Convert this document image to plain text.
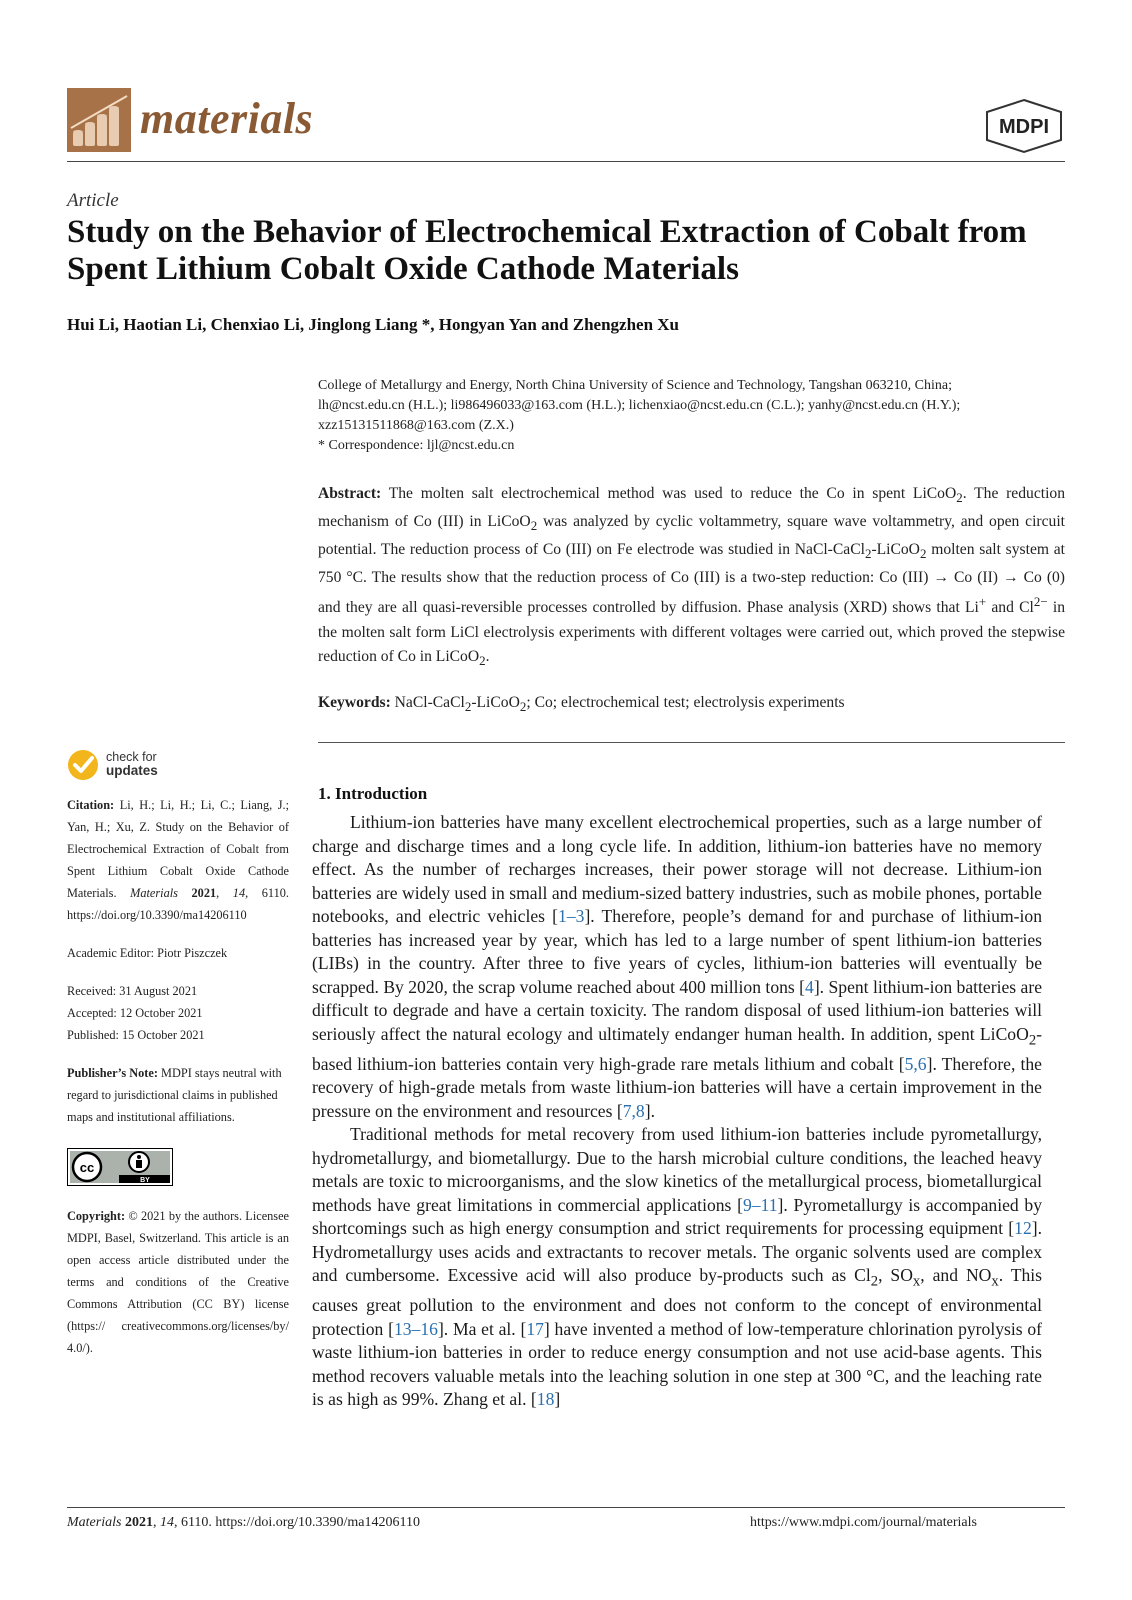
materials	MDPI
Article
Study on the Behavior of Electrochemical Extraction of Cobalt from Spent Lithium Cobalt Oxide Cathode Materials
Hui Li, Haotian Li, Chenxiao Li, Jinglong Liang *, Hongyan Yan and Zhengzhen Xu
College of Metallurgy and Energy, North China University of Science and Technology, Tangshan 063210, China;
lh@ncst.edu.cn (H.L.); li986496033@163.com (H.L.); lichenxiao@ncst.edu.cn (C.L.); yanhy@ncst.edu.cn (H.Y.);
xzz15131511868@163.com (Z.X.)
* Correspondence: ljl@ncst.edu.cn
Abstract: The molten salt electrochemical method was used to reduce the Co in spent LiCoO$_2$. The reduction mechanism of Co (III) in LiCoO$_2$ was analyzed by cyclic voltammetry, square wave voltammetry, and open circuit potential. The reduction process of Co (III) on Fe electrode was studied in NaCl-CaCl$_2$-LiCoO$_2$ molten salt system at 750 °C. The results show that the reduction process of Co (III) is a two-step reduction: Co (III) → Co (II) → Co (0) and they are all quasi-reversible processes controlled by diffusion. Phase analysis (XRD) shows that Li+ and $Cl^{2-}$ in the molten salt form LiCl electrolysis experiments with different voltages were carried out, which proved the stepwise reduction of Co in LiCoO$_2$.
Keywords: NaCl-CaCl$_2$-LiCoO$_2$; Co; electrochemical test; electrolysis experiments
check for
updates
Citation: Li, H.; Li, H.; Li, C.; Liang, J.; Yan, H.; Xu, Z. Study on the Behavior of Electrochemical Extraction of Cobalt from Spent Lithium Cobalt Oxide Cathode Materials. Materials 2021, 14, 6110. https://doi.org/10.3390/ma14206110
Academic Editor: Piotr Piszczek
Received: 31 August 2021
Accepted: 12 October 2021
Published: 15 October 2021
Publisher’s Note: MDPI stays neutral with regard to jurisdictional claims in published maps and institutional affiliations.
cc
BY
Copyright: © 2021 by the authors. Licensee MDPI, Basel, Switzerland. This article is an open access article distributed under the terms and conditions of the Creative Commons Attribution (CC BY) license (https:// creativecommons.org/licenses/by/ 4.0/).
1. Introduction

Lithium-ion batteries have many excellent electrochemical properties, such as a large number of charge and discharge times and a long cycle life. In addition, lithium-ion batteries have no memory effect. As the number of recharges increases, their power storage will not decrease. Lithium-ion batteries are widely used in small and medium-sized battery industries, such as mobile phones, portable notebooks, and electric vehicles [1–3]. Therefore, people’s demand for and purchase of lithium-ion batteries has increased year by year, which has led to a large number of spent lithium-ion batteries (LIBs) in the country. After three to five years of cycles, lithium-ion batteries will eventually be scrapped. By 2020, the scrap volume reached about 400 million tons [4]. Spent lithium-ion batteries are difficult to degrade and have a certain toxicity. The random disposal of used lithium-ion batteries will seriously affect the natural ecology and ultimately endanger human health. In addition, spent LiCoO$_2$-based lithium-ion batteries contain very high-grade rare metals lithium and cobalt [5,6]. Therefore, the recovery of high-grade metals from waste lithium-ion batteries will have a certain improvement in the pressure on the environment and resources [7,8].

Traditional methods for metal recovery from used lithium-ion batteries include pyrometallurgy, hydrometallurgy, and biometallurgy. Due to the harsh microbial culture conditions, the leached heavy metals are toxic to microorganisms, and the slow kinetics of the metallurgical process, biometallurgical methods have great limitations in commercial applications [9–11]. Pyrometallurgy is accompanied by shortcomings such as high energy consumption and strict requirements for processing equipment [12]. Hydrometallurgy uses acids and extractants to recover metals. The organic solvents used are complex and cumbersome. Excessive acid will also produce by-products such as $Cl_2$, $SO_x$, and $NO_x$. This causes great pollution to the environment and does not conform to the concept of environmental protection [13–16]. Ma et al. [17] have invented a method of low-temperature chlorination pyrolysis of waste lithium-ion batteries in order to reduce energy consumption and not use acid-base agents. This method recovers valuable metals into the leaching solution in one step at 300 °C, and the leaching rate is as high as 99%. Zhang et al. [18]

Materials 2021, 14, 6110. https://doi.org/10.3390/ma14206110	https://www.mdpi.com/journal/materials
